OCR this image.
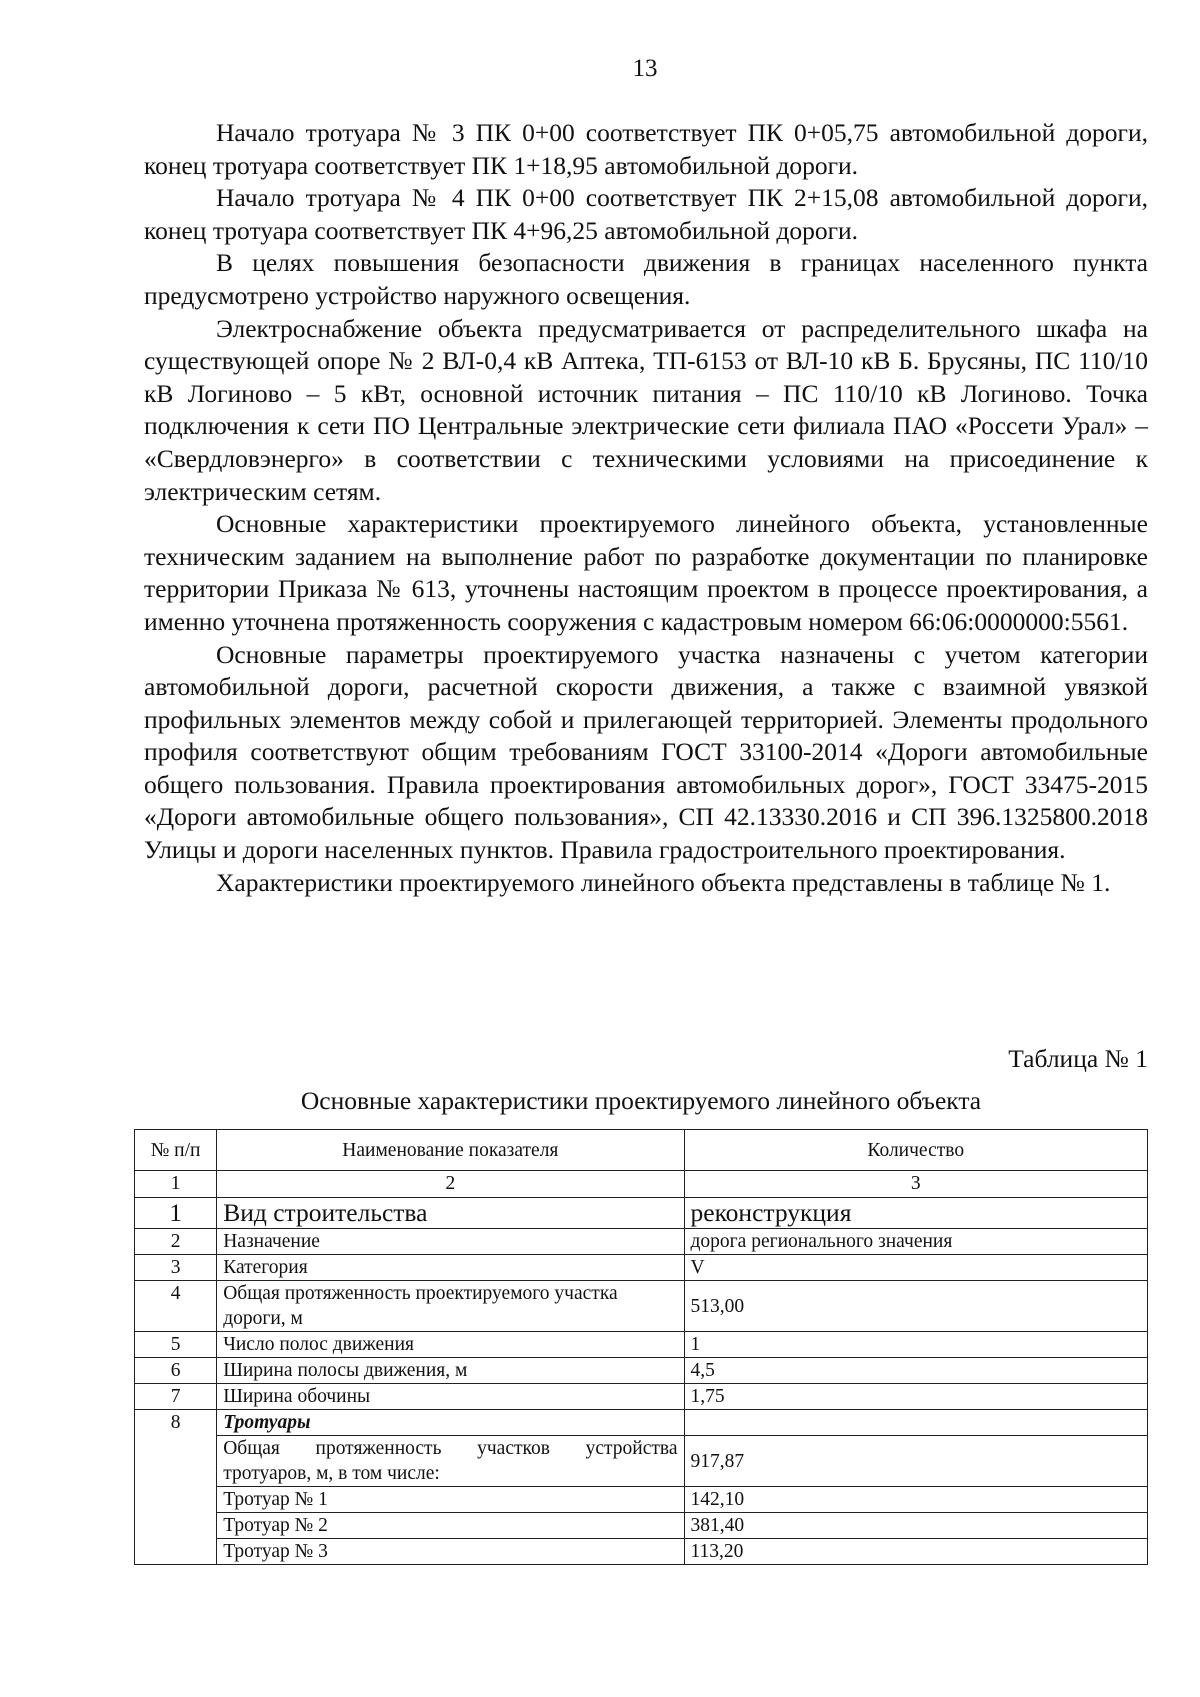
13

Начало тротуара № 3 ПК 0+00 соответствует ПК 0+05,75 автомобильной дороги, конец тротуара соответствует ПК 1+18,95 автомобильной дороги.

Начало тротуара № 4 ПК 0+00 соответствует ПК 2+15,08 автомобильной дороги, конец тротуара соответствует ПК 4+96,25 автомобильной дороги.

В целях повышения безопасности движения в границах населенного пункта предусмотрено устройство наружного освещения.

Электроснабжение объекта предусматривается от распределительного шкафа на существующей опоре № 2 ВЛ-0,4 кВ Аптека, ТП-6153 от ВЛ-10 кВ Б. Брусяны, ПС 110/10 кВ Логиново – 5 кВт, основной источник питания – ПС 110/10 кВ Логиново. Точка подключения к сети ПО Центральные электрические сети филиала ПАО «Россети Урал» – «Свердловэнерго» в соответствии с техническими условиями на присоединение к электрическим сетям.

Основные характеристики проектируемого линейного объекта, установленные техническим заданием на выполнение работ по разработке документации по планировке территории Приказа № 613, уточнены настоящим проектом в процессе проектирования, а именно уточнена протяженность сооружения с кадастровым номером 66:06:0000000:5561.

Основные параметры проектируемого участка назначены с учетом категории автомобильной дороги, расчетной скорости движения, а также с взаимной увязкой профильных элементов между собой и прилегающей территорией. Элементы продольного профиля соответствуют общим требованиям ГОСТ 33100-2014 «Дороги автомобильные общего пользования. Правила проектирования автомобильных дорог», ГОСТ 33475-2015 «Дороги автомобильные общего пользования», СП 42.13330.2016 и СП 396.1325800.2018 Улицы и дороги населенных пунктов. Правила градостроительного проектирования.

Характеристики проектируемого линейного объекта представлены в таблице № 1.

Таблица № 1
Основные характеристики проектируемого линейного объекта
№ п/п	Наименование показателя	Количество
1	2	3
1	Вид строительства	реконструкция
2	Назначение	дорога регионального значения
3	Категория	V
4	Общая протяженность проектируемого участка дороги, м	513,00
5	Число полос движения	1
6	Ширина полосы движения, м	4,5
7	Ширина обочины	1,75
8	Тротуары	
	Общая протяженность участков устройства тротуаров, м, в том числе:	917,87
	Тротуар № 1	142,10
	Тротуар № 2	381,40
	Тротуар № 3	113,20
